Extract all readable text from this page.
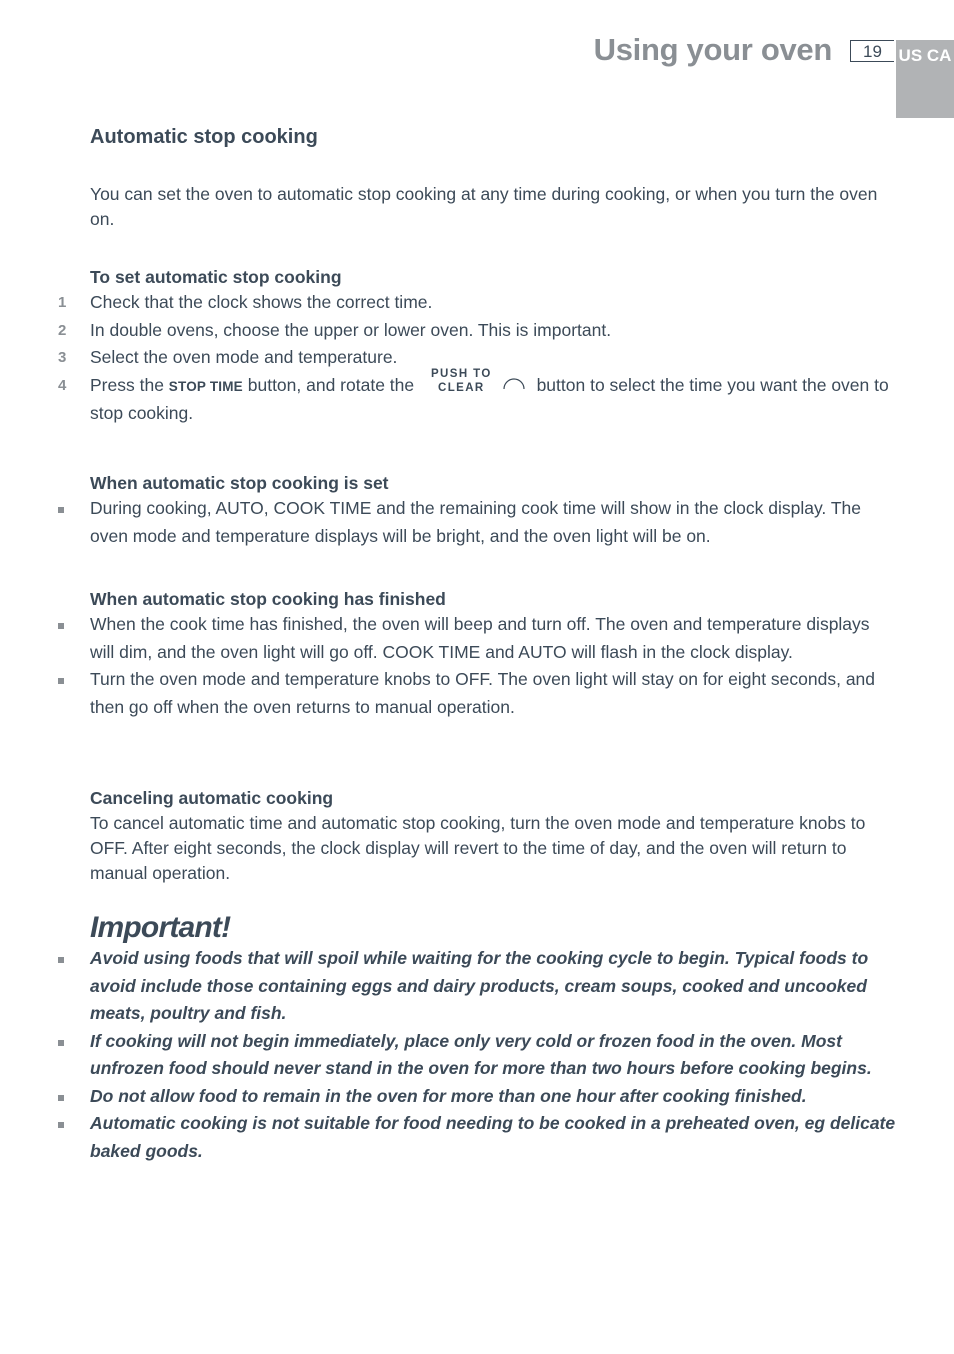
Using your oven	19 US CA
Automatic stop cooking

You can set the oven to automatic stop cooking at any time during cooking, or when you turn the oven on.

To set automatic stop cooking

1 Check that the clock shows the correct time.
2 In double ovens, choose the upper or lower oven. This is important.
3 Select the oven mode and temperature.
4 Press the STOP TIME button, and rotate the PUSH TO
CLEAR	button to select the time you want the oven to stop cooking.

When automatic stop cooking is set

During cooking, AUTO, COOK TIME and the remaining cook time will show in the clock display. The oven mode and temperature displays will be bright, and the oven light will be on.

When automatic stop cooking has finished

When the cook time has finished, the oven will beep and turn off. The oven and temperature displays will dim, and the oven light will go off. COOK TIME and AUTO will flash in the clock display.
Turn the oven mode and temperature knobs to OFF. The oven light will stay on for eight seconds, and then go off when the oven returns to manual operation.

Canceling automatic cooking

To cancel automatic time and automatic stop cooking, turn the oven mode and temperature knobs to OFF. After eight seconds, the clock display will revert to the time of day, and the oven will return to manual operation.

Important!
Avoid using foods that will spoil while waiting for the cooking cycle to begin. Typical foods to avoid include those containing eggs and dairy products, cream soups, cooked and uncooked meats, poultry and fish.
If cooking will not begin immediately, place only very cold or frozen food in the oven. Most unfrozen food should never stand in the oven for more than two hours before cooking begins.
Do not allow food to remain in the oven for more than one hour after cooking finished.
Automatic cooking is not suitable for food needing to be cooked in a preheated oven, eg delicate baked goods.
